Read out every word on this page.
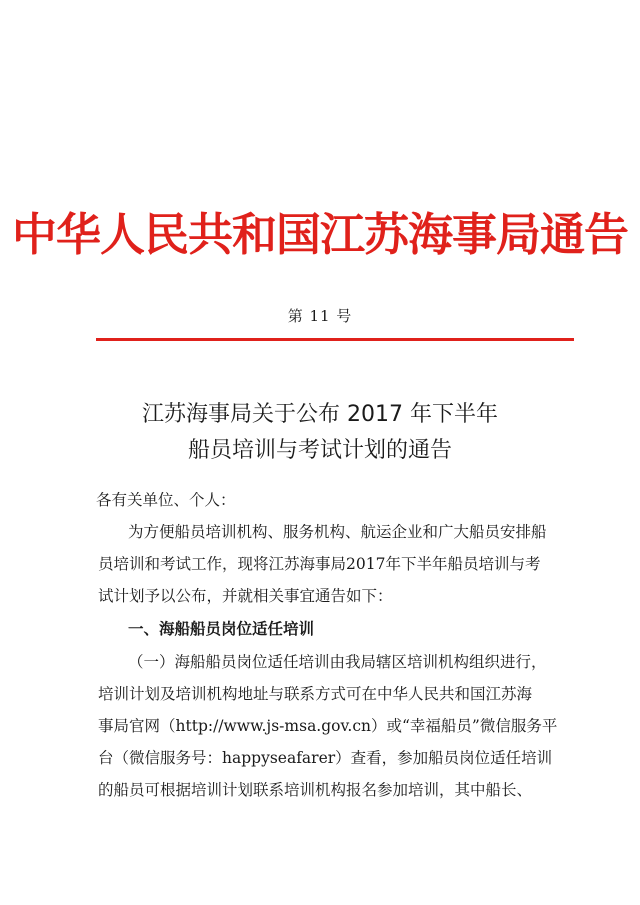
中华人民共和国江苏海事局通告
第 11 号
江苏海事局关于公布 2017 年下半年
船员培训与考试计划的通告
各有关单位、个人：
为方便船员培训机构、服务机构、航运企业和广大船员安排船
员培训和考试工作，现将江苏海事局2017年下半年船员培训与考
试计划予以公布，并就相关事宜通告如下：
一、海船船员岗位适任培训
（一）海船船员岗位适任培训由我局辖区培训机构组织进行，
培训计划及培训机构地址与联系方式可在中华人民共和国江苏海
事局官网（http://www.js-msa.gov.cn）或“幸福船员”微信服务平
台（微信服务号：happyseafarer）查看，参加船员岗位适任培训
的船员可根据培训计划联系培训机构报名参加培训，其中船长、
